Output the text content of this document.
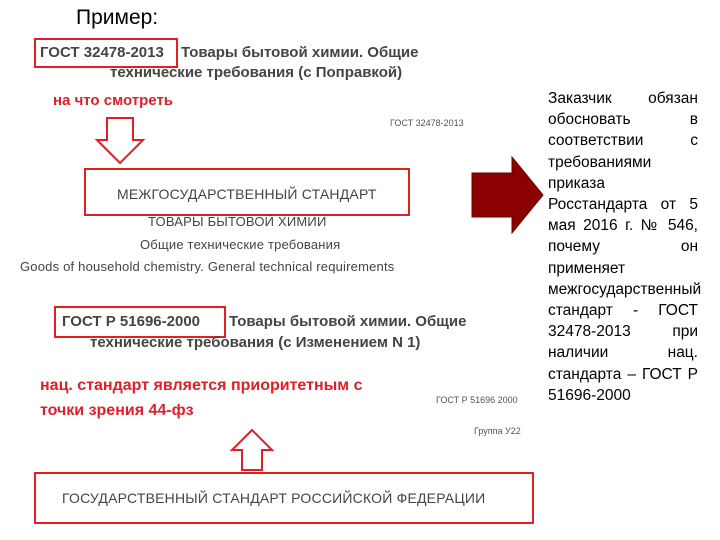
Пример:
ГОСТ 32478-2013 Товары бытовой химии. Общие
технические требования (с Поправкой)
на что смотреть
ГОСТ 32478-2013
МЕЖГОСУДАРСТВЕННЫЙ СТАНДАРТ
ТОВАРЫ БЫТОВОЙ ХИМИИ
Общие технические требования
Goods of household chemistry. General technical requirements
ГОСТ Р 51696-2000 Товары бытовой химии. Общие
технические требования (с Изменением N 1)
нац. стандарт является приоритетным с
точки зрения 44-фз
ГОСТ Р 51696 2000
Группа У22
ГОСУДАРСТВЕННЫЙ СТАНДАРТ РОССИЙСКОЙ ФЕДЕРАЦИИ
Заказчик обязан обосновать в соответствии с требованиями приказа Росстандарта от 5 мая 2016 г. № 546, почему он применяет межгосударственный стандарт - ГОСТ 32478-2013 при наличии нац. стандарта – ГОСТ Р 51696-2000
